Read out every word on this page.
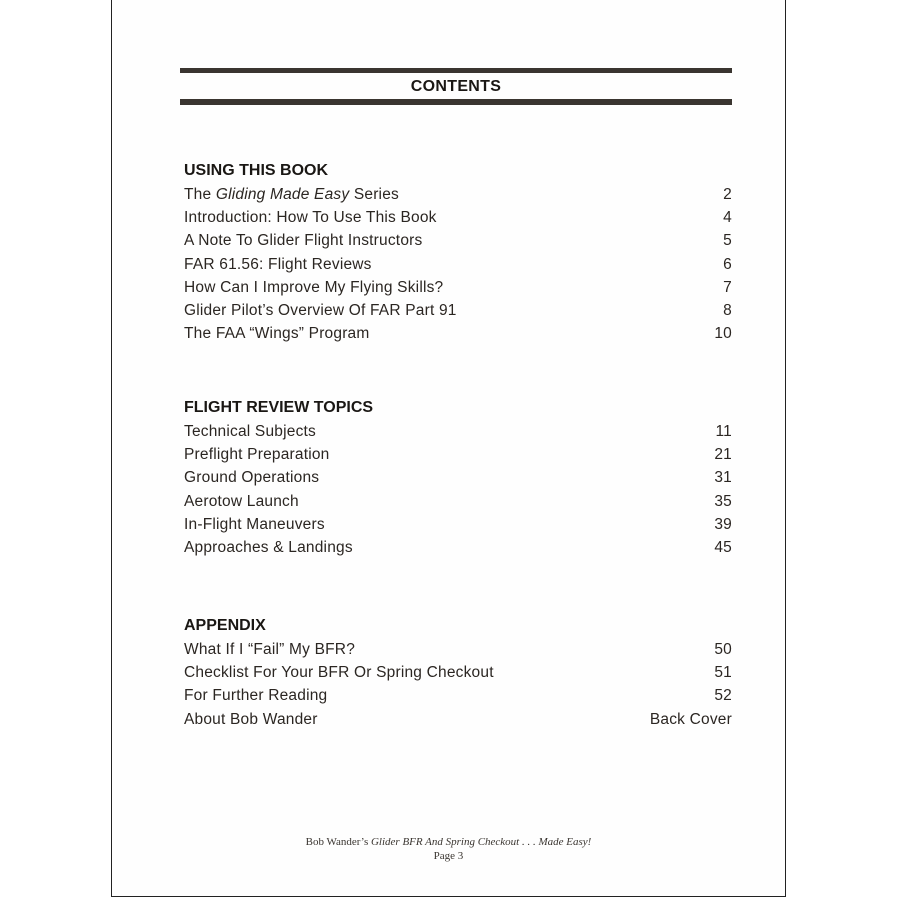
CONTENTS
USING THIS BOOK
The Gliding Made Easy Series	2
Introduction: How To Use This Book	4
A Note To Glider Flight Instructors	5
FAR 61.56: Flight Reviews	6
How Can I Improve My Flying Skills?	7
Glider Pilot’s Overview Of FAR Part 91	8
The FAA “Wings” Program	10
FLIGHT REVIEW TOPICS
Technical Subjects	11
Preflight Preparation	21
Ground Operations	31
Aerotow Launch	35
In-Flight Maneuvers	39
Approaches & Landings	45
APPENDIX
What If I “Fail” My BFR?	50
Checklist For Your BFR Or Spring Checkout	51
For Further Reading	52
About Bob Wander	Back Cover
Bob Wander’s Glider BFR And Spring Checkout . . . Made Easy!
Page 3
